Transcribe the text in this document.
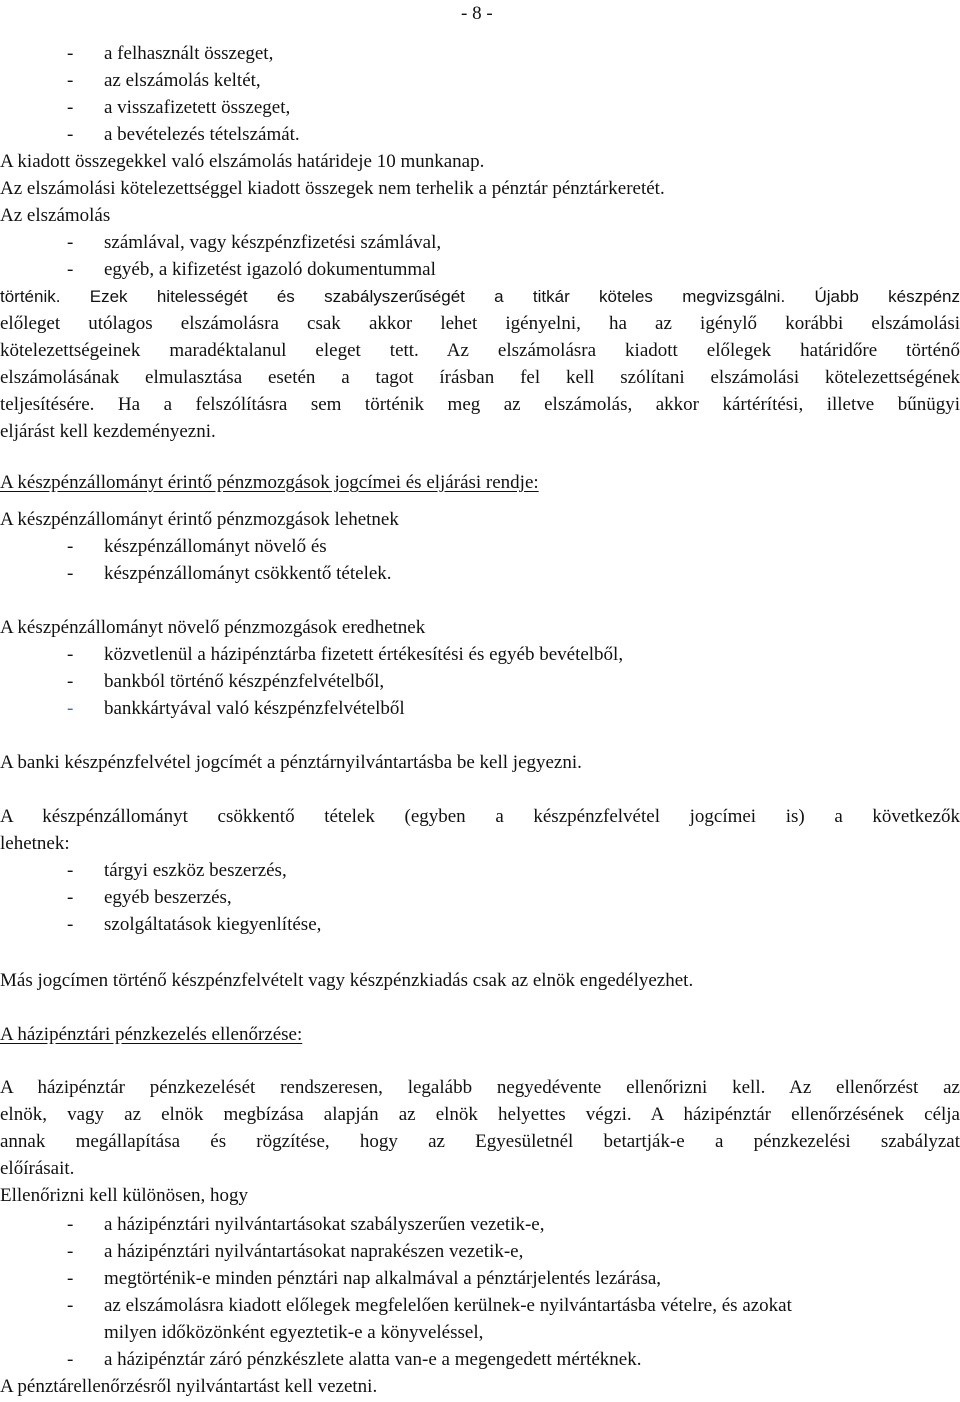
- 8 -
- a felhasznált összeget,
- az elszámolás keltét,
- a visszafizetett összeget,
- a bevételezés tételszámát.
A kiadott összegekkel való elszámolás határideje 10 munkanap.
Az elszámolási kötelezettséggel kiadott összegek nem terhelik a pénztár pénztárkeretét.
Az elszámolás
- számlával, vagy készpénzfizetési számlával,
- egyéb, a kifizetést igazoló dokumentummal
történik. Ezek hitelességét és szabályszerűségét a titkár köteles megvizsgálni. Újabb készpénz
előleget utólagos elszámolásra csak akkor lehet igényelni, ha az igénylő korábbi elszámolási
kötelezettségeinek maradéktalanul eleget tett. Az elszámolásra kiadott előlegek határidőre történő
elszámolásának elmulasztása esetén a tagot írásban fel kell szólítani elszámolási kötelezettségének
teljesítésére. Ha a felszólításra sem történik meg az elszámolás, akkor kártérítési, illetve bűnügyi
eljárást kell kezdeményezni.
A készpénzállományt érintő pénzmozgások jogcímei és eljárási rendje:
A készpénzállományt érintő pénzmozgások lehetnek
- készpénzállományt növelő és
- készpénzállományt csökkentő tételek.
A készpénzállományt növelő pénzmozgások eredhetnek
- közvetlenül a házipénztárba fizetett értékesítési és egyéb bevételből,
- bankból történő készpénzfelvételből,
- bankkártyával való készpénzfelvételből
A banki készpénzfelvétel jogcímét a pénztárnyilvántartásba be kell jegyezni.
A készpénzállományt csökkentő tételek (egyben a készpénzfelvétel jogcímei is) a következők
lehetnek:
- tárgyi eszköz beszerzés,
- egyéb beszerzés,
- szolgáltatások kiegyenlítése,
Más jogcímen történő készpénzfelvételt vagy készpénzkiadás csak az elnök engedélyezhet.
A házipénztári pénzkezelés ellenőrzése:
A házipénztár pénzkezelését rendszeresen, legalább negyedévente ellenőrizni kell. Az ellenőrzést az
elnök, vagy az elnök megbízása alapján az elnök helyettes végzi. A házipénztár ellenőrzésének célja
annak megállapítása és rögzítése, hogy az Egyesületnél betartják-e a pénzkezelési szabályzat
előírásait.
Ellenőrizni kell különösen, hogy
- a házipénztári nyilvántartásokat szabályszerűen vezetik-e,
- a házipénztári nyilvántartásokat naprakészen vezetik-e,
- megtörténik-e minden pénztári nap alkalmával a pénztárjelentés lezárása,
- az elszámolásra kiadott előlegek megfelelően kerülnek-e nyilvántartásba vételre, és azokat
milyen időközönként egyeztetik-e a könyveléssel,
- a házipénztár záró pénzkészlete alatta van-e a megengedett mértéknek.
A pénztárellenőrzésről nyilvántartást kell vezetni.
